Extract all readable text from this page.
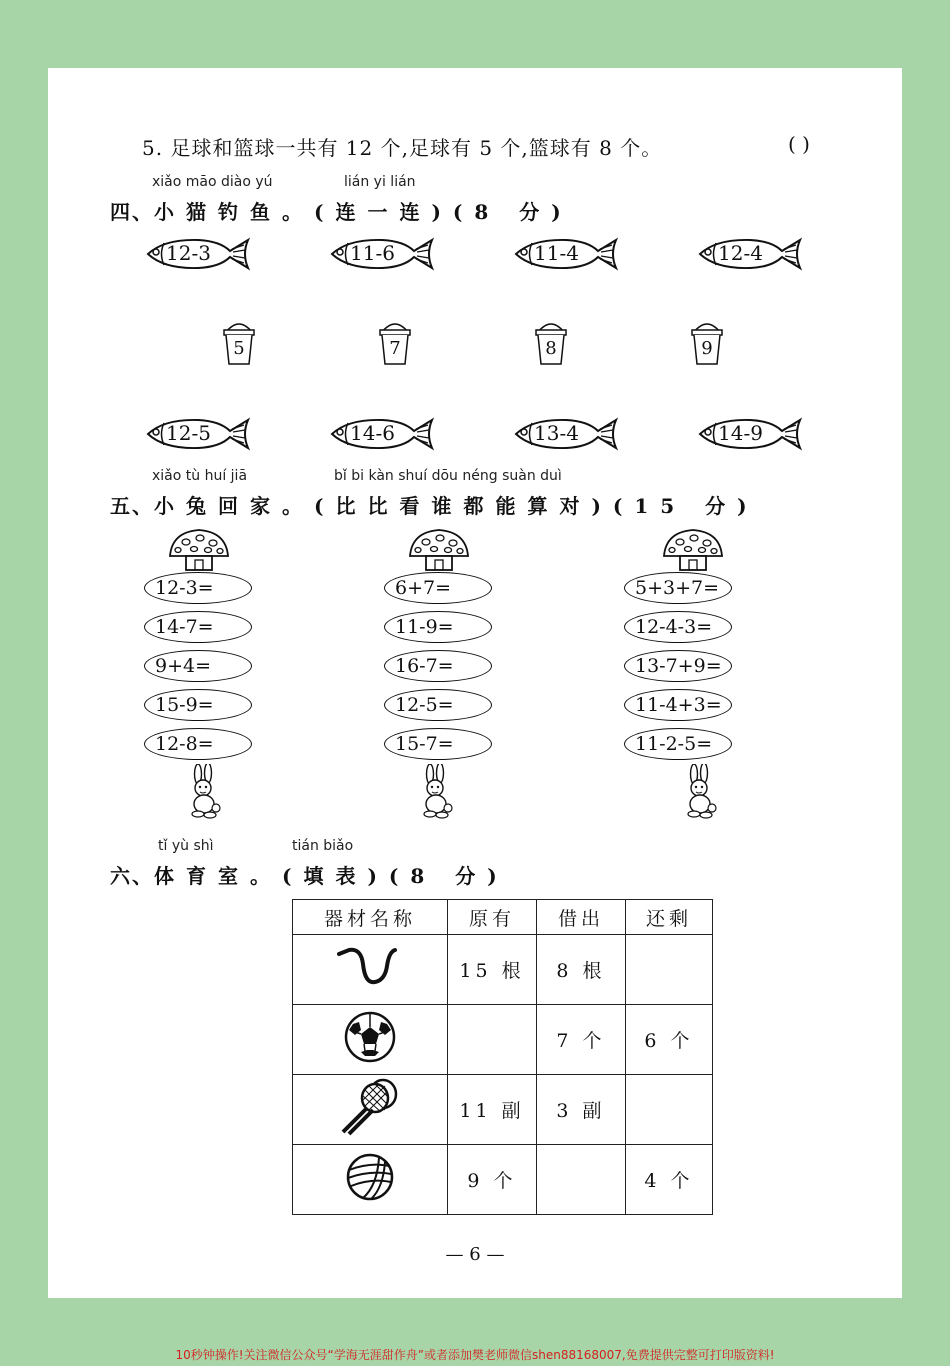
5. 足球和篮球一共有 12 个,足球有 5 个,篮球有 8 个。	( )
xiǎo māo diào yú	lián yi lián
四、小猫钓鱼。(连一连)(8 分)
12-3	11-6	11-4	12-4
5	7	8	9
12-5	14-6	13-4	14-9
xiǎo tù huí jiā	bǐ bi kàn shuí dōu néng suàn duì
五、小兔回家。(比比看谁都能算对)(15 分)
12-3=
14-7=
9+4=
15-9=
12-8=
6+7=
11-9=
16-7=
12-5=
15-7=
5+3+7=
12-4-3=
13-7+9=
11-4+3=
11-2-5=
tǐ yù shì	tián biǎo
六、体育室。(填表)(8 分)
器材名称	原有	借出	还剩
	15 根	8 根	
		7 个	6 个
	11 副	3 副	
	9 个		4 个
— 6 —
10秒钟操作!关注微信公众号“学海无涯甜作舟”或者添加樊老师微信shen88168007,免费提供完整可打印版资料!
